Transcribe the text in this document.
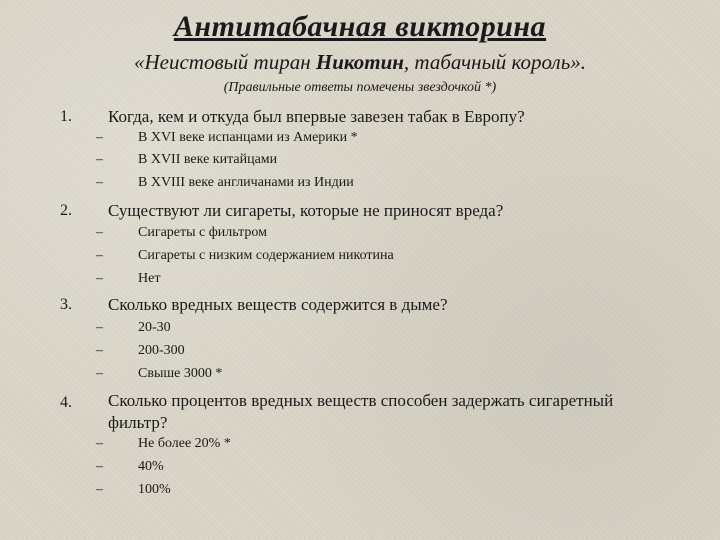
Антитабачная викторина
«Неистовый тиран Никотин, табачный король».
(Правильные ответы помечены звездочкой *)
1. Когда, кем и откуда был впервые завезен табак в Европу?
–	В XVI веке испанцами из Америки *
–	В XVII веке китайцами
–	В XVIII веке англичанами из Индии
2. Существуют ли сигареты, которые не приносят вреда?
–	Сигареты с фильтром
–	Сигареты с низким содержанием никотина
–	Нет
3. Сколько вредных веществ содержится в дыме?
–	20-30
–	200-300
–	Свыше 3000 *
4. Сколько процентов вредных веществ способен задержать сигаретный фильтр?
–	Не более 20% *
–	40%
–	100%
